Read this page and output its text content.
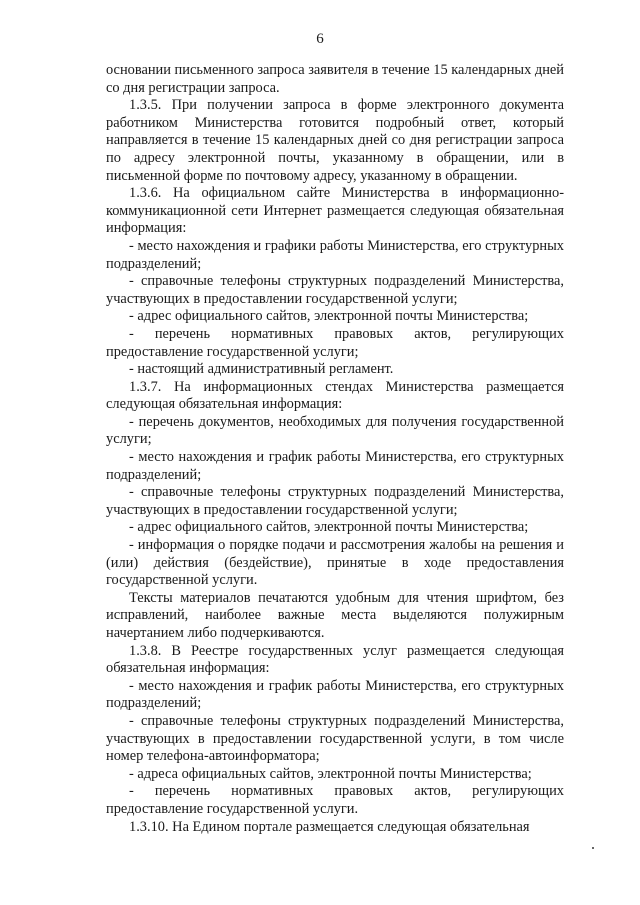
6

основании письменного запроса заявителя в течение 15 календарных дней со дня регистрации запроса.

1.3.5. При получении запроса в форме электронного документа работником Министерства готовится подробный ответ, который направляется в течение 15 календарных дней со дня регистрации запроса по адресу электронной почты, указанному в обращении, или в письменной форме по почтовому адресу, указанному в обращении.

1.3.6. На официальном сайте Министерства в информационно-коммуникационной сети Интернет размещается следующая обязательная информация:

- место нахождения и графики работы Министерства, его структурных подразделений;

- справочные телефоны структурных подразделений Министерства, участвующих в предоставлении государственной услуги;

- адрес официального сайтов, электронной почты Министерства;

- перечень нормативных правовых актов, регулирующих предоставление государственной услуги;

- настоящий административный регламент.

1.3.7. На информационных стендах Министерства размещается следующая обязательная информация:

- перечень документов, необходимых для получения государственной услуги;

- место нахождения и график работы Министерства, его структурных подразделений;

- справочные телефоны структурных подразделений Министерства, участвующих в предоставлении государственной услуги;

- адрес официального сайтов, электронной почты Министерства;

- информация о порядке подачи и рассмотрения жалобы на решения и (или) действия (бездействие), принятые в ходе предоставления государственной услуги.

Тексты материалов печатаются удобным для чтения шрифтом, без исправлений, наиболее важные места выделяются полужирным начертанием либо подчеркиваются.

1.3.8. В Реестре государственных услуг размещается следующая обязательная информация:

- место нахождения и график работы Министерства, его структурных подразделений;

- справочные телефоны структурных подразделений Министерства, участвующих в предоставлении государственной услуги, в том числе номер телефона-автоинформатора;

- адреса официальных сайтов, электронной почты Министерства;

- перечень нормативных правовых актов, регулирующих предоставление государственной услуги.

1.3.10. На Едином портале размещается следующая обязательная
